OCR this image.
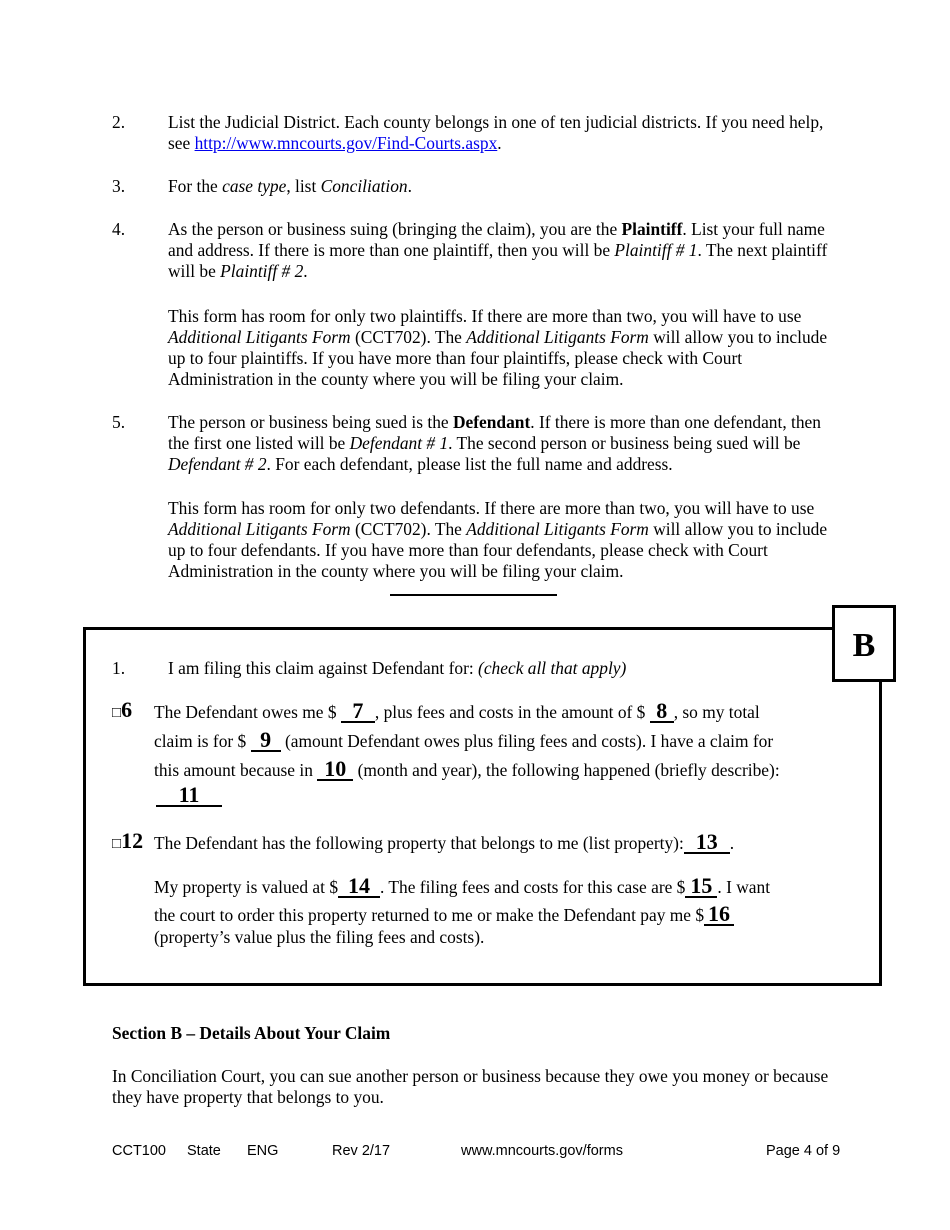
2. List the Judicial District. Each county belongs in one of ten judicial districts. If you need help, see http://www.mncourts.gov/Find-Courts.aspx.
3. For the case type, list Conciliation.
4. As the person or business suing (bringing the claim), you are the Plaintiff. List your full name and address. If there is more than one plaintiff, then you will be Plaintiff # 1. The next plaintiff will be Plaintiff # 2.
This form has room for only two plaintiffs. If there are more than two, you will have to use Additional Litigants Form (CCT702). The Additional Litigants Form will allow you to include up to four plaintiffs. If you have more than four plaintiffs, please check with Court Administration in the county where you will be filing your claim.
5. The person or business being sued is the Defendant. If there is more than one defendant, then the first one listed will be Defendant # 1. The second person or business being sued will be Defendant # 2. For each defendant, please list the full name and address.
This form has room for only two defendants. If there are more than two, you will have to use Additional Litigants Form (CCT702). The Additional Litigants Form will allow you to include up to four defendants. If you have more than four defendants, please check with Court Administration in the county where you will be filing your claim.
1. I am filing this claim against Defendant for: (check all that apply)
□6 The Defendant owes me $ 7 , plus fees and costs in the amount of $ 8 , so my total
claim is for $ 9 (amount Defendant owes plus filing fees and costs). I have a claim for
this amount because in 10 (month and year), the following happened (briefly describe):
11
□12 The Defendant has the following property that belongs to me (list property): 13 .
My property is valued at $ 14 . The filing fees and costs for this case are $ 15 . I want
the court to order this property returned to me or make the Defendant pay me $ 16
(property’s value plus the filing fees and costs).
B
Section B – Details About Your Claim
In Conciliation Court, you can sue another person or business because they owe you money or because they have property that belongs to you.
CCT100 State ENG	Rev 2/17	www.mncourts.gov/forms	Page 4 of 9
